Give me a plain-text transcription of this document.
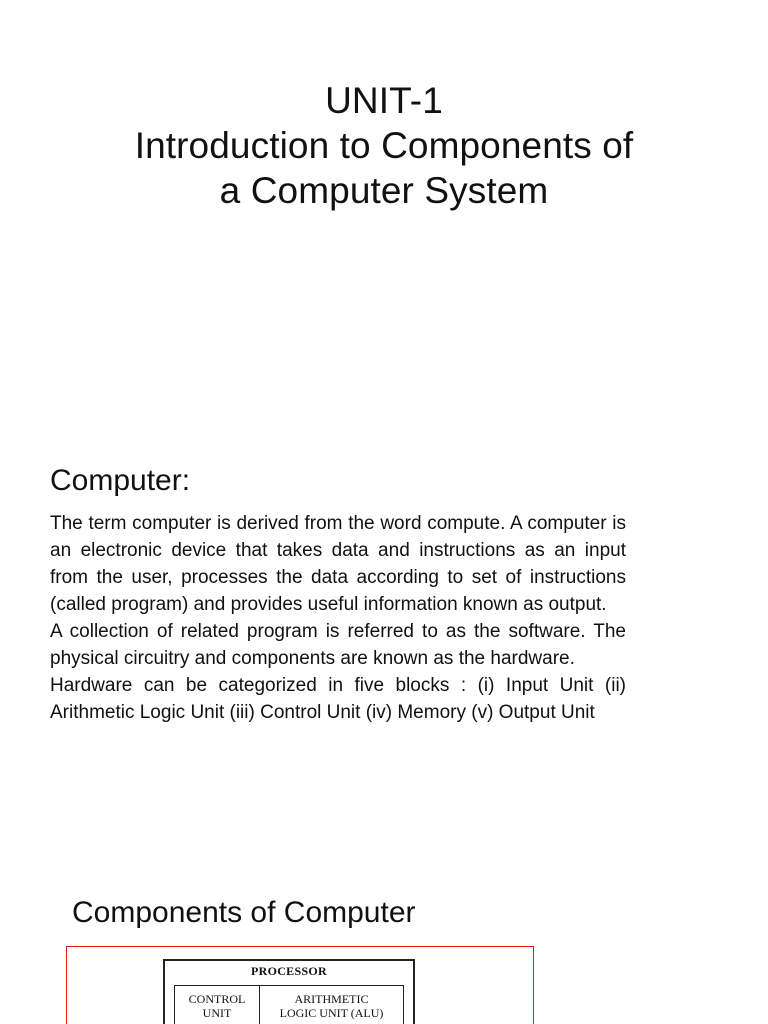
UNIT-1
Introduction to Components of
a Computer System
Computer:

The term computer is derived from the word compute. A computer is an electronic device that takes data and instructions as an input from the user, processes the data according to set of instructions (called program) and provides useful information known as output.

A collection of related program is referred to as the software. The physical circuitry and components are known as the hardware.

Hardware can be categorized in five blocks : (i) Input Unit (ii) Arithmetic Logic Unit (iii) Control Unit (iv) Memory (v) Output Unit

Components of Computer
PROCESSOR
CONTROL
UNIT
ARITHMETIC
LOGIC UNIT (ALU)
